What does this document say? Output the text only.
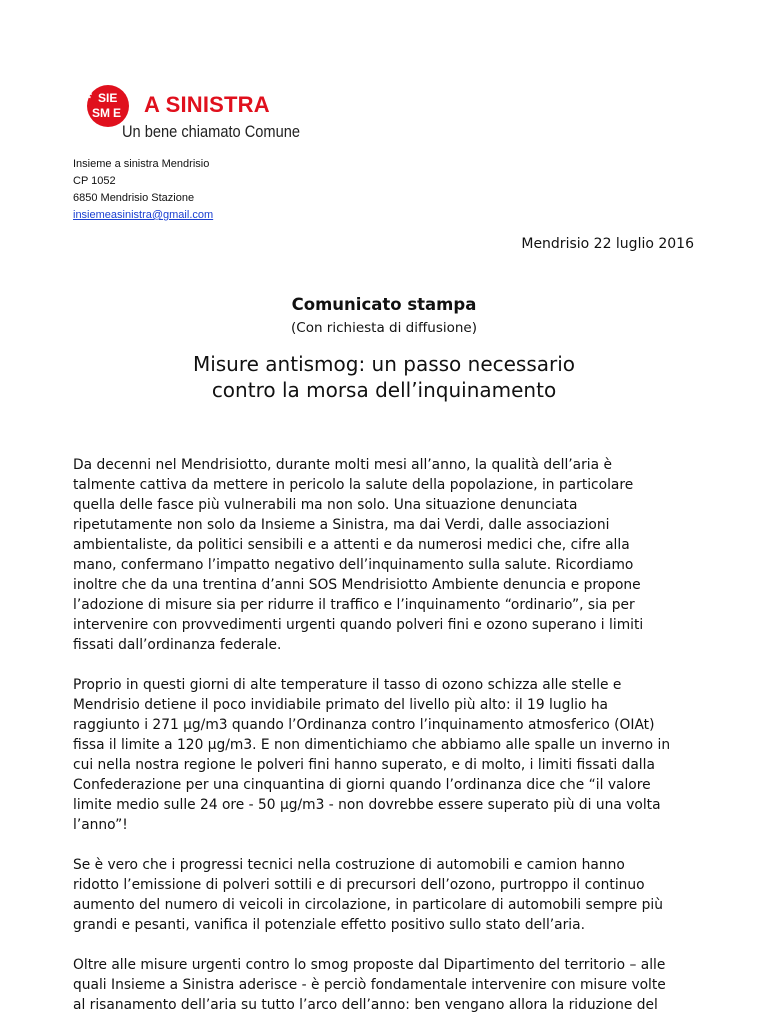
IN SIE
SM E A SINISTRA
Un bene chiamato Comune
Insieme a sinistra Mendrisio
CP 1052
6850 Mendrisio Stazione
insiemeasinistra@gmail.com
Mendrisio 22 luglio 2016
Comunicato stampa
(Con richiesta di diffusione)
Misure antismog: un passo necessario
contro la morsa dell’inquinamento
Da decenni nel Mendrisiotto, durante molti mesi all’anno, la qualità dell’aria è
talmente cattiva da mettere in pericolo la salute della popolazione, in particolare
quella delle fasce più vulnerabili ma non solo. Una situazione denunciata
ripetutamente non solo da Insieme a Sinistra, ma dai Verdi, dalle associazioni
ambientaliste, da politici sensibili e a attenti e da numerosi medici che, cifre alla
mano, confermano l’impatto negativo dell’inquinamento sulla salute. Ricordiamo
inoltre che da una trentina d’anni SOS Mendrisiotto Ambiente denuncia e propone
l’adozione di misure sia per ridurre il traffico e l’inquinamento “ordinario”, sia per
intervenire con provvedimenti urgenti quando polveri fini e ozono superano i limiti
fissati dall’ordinanza federale.
Proprio in questi giorni di alte temperature il tasso di ozono schizza alle stelle e
Mendrisio detiene il poco invidiabile primato del livello più alto: il 19 luglio ha
raggiunto i 271 μg/m3 quando l’Ordinanza contro l’inquinamento atmosferico (OIAt)
fissa il limite a 120 μg/m3. E non dimentichiamo che abbiamo alle spalle un inverno in
cui nella nostra regione le polveri fini hanno superato, e di molto, i limiti fissati dalla
Confederazione per una cinquantina di giorni quando l’ordinanza dice che “il valore
limite medio sulle 24 ore - 50 μg/m3 - non dovrebbe essere superato più di una volta
l’anno”!
Se è vero che i progressi tecnici nella costruzione di automobili e camion hanno
ridotto l’emissione di polveri sottili e di precursori dell’ozono, purtroppo il continuo
aumento del numero di veicoli in circolazione, in particolare di automobili sempre più
grandi e pesanti, vanifica il potenziale effetto positivo sullo stato dell’aria.
Oltre alle misure urgenti contro lo smog proposte dal Dipartimento del territorio – alle
quali Insieme a Sinistra aderisce - è perciò fondamentale intervenire con misure volte
al risanamento dell’aria su tutto l’arco dell’anno: ben vengano allora la riduzione del
